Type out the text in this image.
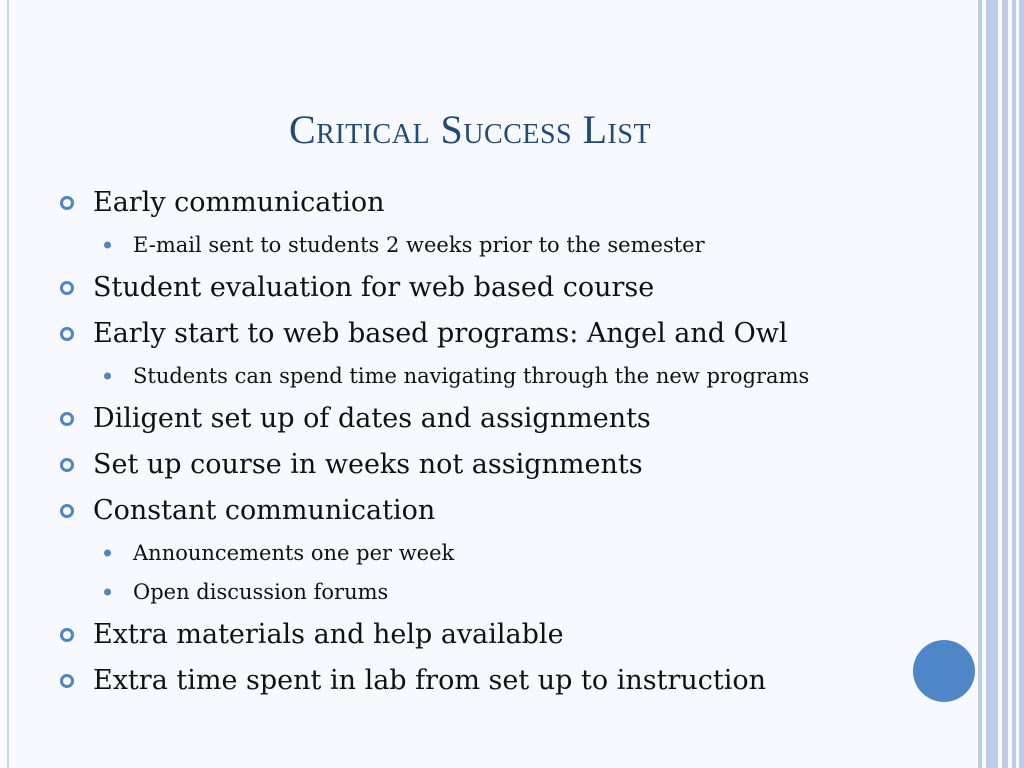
Critical Success List
Early communication
E-mail sent to students 2 weeks prior to the semester
Student evaluation for web based course
Early start to web based programs: Angel and Owl
Students can spend time navigating through the new programs
Diligent set up of dates and assignments
Set up course in weeks not assignments
Constant communication
Announcements one per week
Open discussion forums
Extra materials and help available
Extra time spent in lab from set up to instruction
